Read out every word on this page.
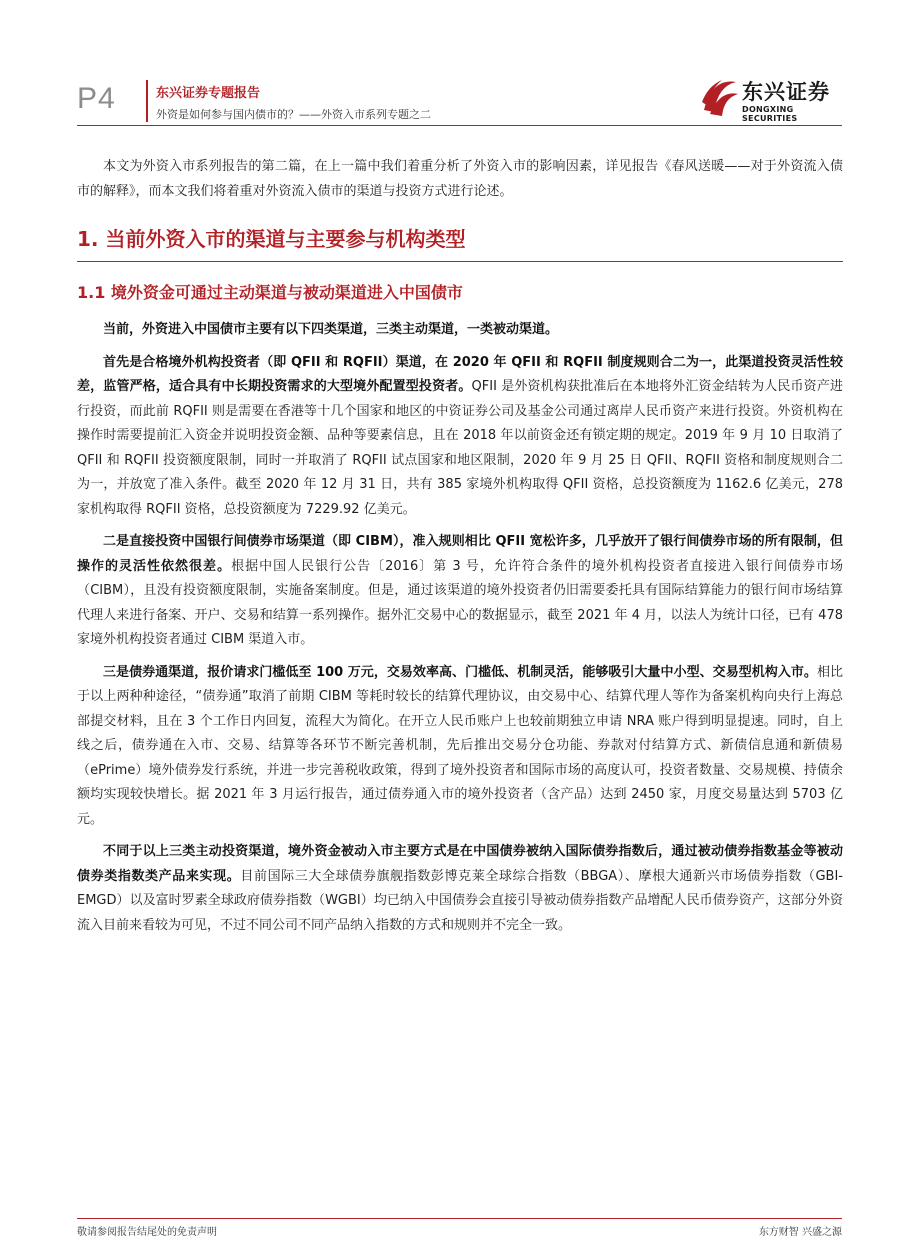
P4	东兴证券专题报告
外资是如何参与国内债市的？——外资入市系列专题之二
东兴证券
DONGXING SECURITIES

本文为外资入市系列报告的第二篇，在上一篇中我们着重分析了外资入市的影响因素，详见报告《春风送暖——对于外资流入债市的解释》，而本文我们将着重对外资流入债市的渠道与投资方式进行论述。

1. 当前外资入市的渠道与主要参与机构类型
1.1 境外资金可通过主动渠道与被动渠道进入中国债市

当前，外资进入中国债市主要有以下四类渠道，三类主动渠道，一类被动渠道。

首先是合格境外机构投资者（即 QFII 和 RQFII）渠道，在 2020 年 QFII 和 RQFII 制度规则合二为一，此渠道投资灵活性较差，监管严格，适合具有中长期投资需求的大型境外配置型投资者。QFII 是外资机构获批准后在本地将外汇资金结转为人民币资产进行投资，而此前 RQFII 则是需要在香港等十几个国家和地区的中资证券公司及基金公司通过离岸人民币资产来进行投资。外资机构在操作时需要提前汇入资金并说明投资金额、品种等要素信息，且在 2018 年以前资金还有锁定期的规定。2019 年 9 月 10 日取消了 QFII 和 RQFII 投资额度限制，同时一并取消了 RQFII 试点国家和地区限制，2020 年 9 月 25 日 QFII、RQFII 资格和制度规则合二为一，并放宽了准入条件。截至 2020 年 12 月 31 日，共有 385 家境外机构取得 QFII 资格，总投资额度为 1162.6 亿美元，278 家机构取得 RQFII 资格，总投资额度为 7229.92 亿美元。

二是直接投资中国银行间债券市场渠道（即 CIBM），准入规则相比 QFII 宽松许多，几乎放开了银行间债券市场的所有限制，但操作的灵活性依然很差。根据中国人民银行公告〔2016〕第 3 号，允许符合条件的境外机构投资者直接进入银行间债券市场（CIBM），且没有投资额度限制，实施备案制度。但是，通过该渠道的境外投资者仍旧需要委托具有国际结算能力的银行间市场结算代理人来进行备案、开户、交易和结算一系列操作。据外汇交易中心的数据显示，截至 2021 年 4 月，以法人为统计口径，已有 478 家境外机构投资者通过 CIBM 渠道入市。

三是债券通渠道，报价请求门槛低至 100 万元，交易效率高、门槛低、机制灵活，能够吸引大量中小型、交易型机构入市。相比于以上两种种途径，“债券通”取消了前期 CIBM 等耗时较长的结算代理协议，由交易中心、结算代理人等作为备案机构向央行上海总部提交材料，且在 3 个工作日内回复，流程大为简化。在开立人民币账户上也较前期独立申请 NRA 账户得到明显提速。同时，自上线之后，债券通在入市、交易、结算等各环节不断完善机制，先后推出交易分仓功能、券款对付结算方式、新债信息通和新债易（ePrime）境外债券发行系统，并进一步完善税收政策，得到了境外投资者和国际市场的高度认可，投资者数量、交易规模、持债余额均实现较快增长。据 2021 年 3 月运行报告，通过债券通入市的境外投资者（含产品）达到 2450 家，月度交易量达到 5703 亿元。

不同于以上三类主动投资渠道，境外资金被动入市主要方式是在中国债券被纳入国际债券指数后，通过被动债券指数基金等被动债券类指数类产品来实现。目前国际三大全球债券旗舰指数彭博克莱全球综合指数（BBGA）、摩根大通新兴市场债券指数（GBI-EMGD）以及富时罗素全球政府债券指数（WGBI）均已纳入中国债券会直接引导被动债券指数产品增配人民币债券资产，这部分外资流入目前来看较为可见，不过不同公司不同产品纳入指数的方式和规则并不完全一致。

敬请参阅报告结尾处的免责声明	东方财智 兴盛之源
